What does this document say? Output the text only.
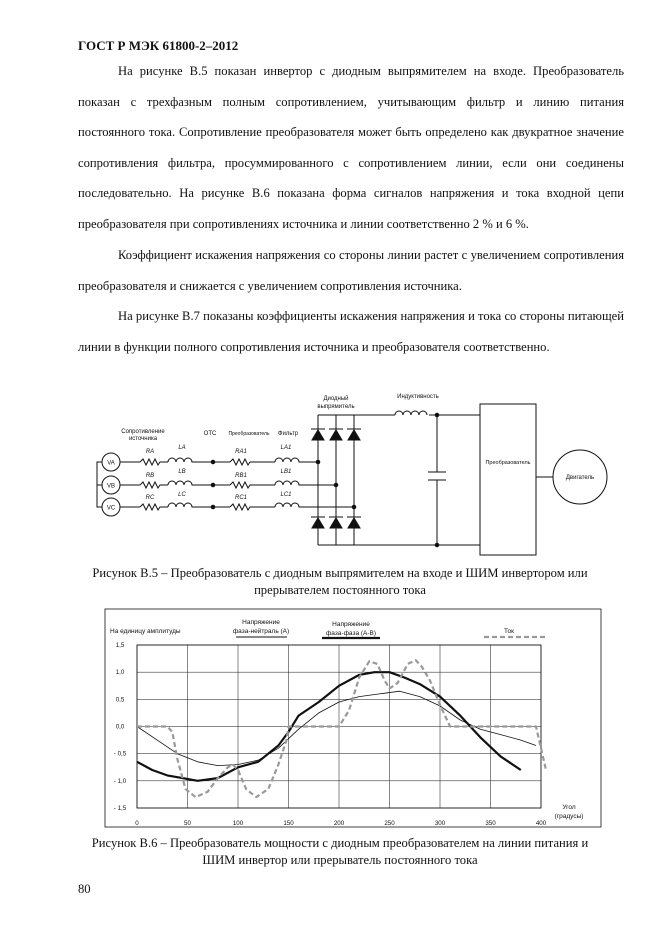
ГОСТ Р МЭК 61800-2–2012

На рисунке В.5 показан инвертор с диодным выпрямителем на входе. Преобразователь показан с трехфазным полным сопротивлением, учитывающим фильтр и линию питания постоянного тока. Сопротивление преобразователя может быть определено как двукратное значение сопротивления фильтра, просуммированного с сопротивлением линии, если они соединены последовательно. На рисунке В.6 показана форма сигналов напряжения и тока входной цепи преобразователя при сопротивлениях источника и линии соответственно 2 % и 6 %.

Коэффициент искажения напряжения со стороны линии растет с увеличением сопротивления преобразователя и снижается с увеличением сопротивления источника.

На рисунке В.7 показаны коэффициенты искажения напряжения и тока со стороны питающей линии в функции полного сопротивления источника и преобразователя соответственно.

Сопротивление
источника
ОТС Преобразователь Фильтр
Диодный
выпрямитель
Индуктивность
Преобразователь
Двигатель
VA
VB
VC
RA
RB
RC
LA
LB
LC
RA1
RB1
RC1
LA1
LB1
LC1
Рисунок В.5 – Преобразователь с диодным выпрямителем на входе и ШИМ инвертором или
прерывателем постоянного тока
0	50	100	150	200	250	300	350	400
1,5
1,0
0,5
0,0
- 0,5
- 1,0
- 1,5
На единицу амплитуды
Напряжение
фаза-нейтраль (А)
Напряжение
фаза-фаза (А-В)	Ток
Угол
(градусы)
Рисунок В.6 – Преобразователь мощности с диодным преобразователем на линии питания и
ШИМ инвертор или прерыватель постоянного тока
80
